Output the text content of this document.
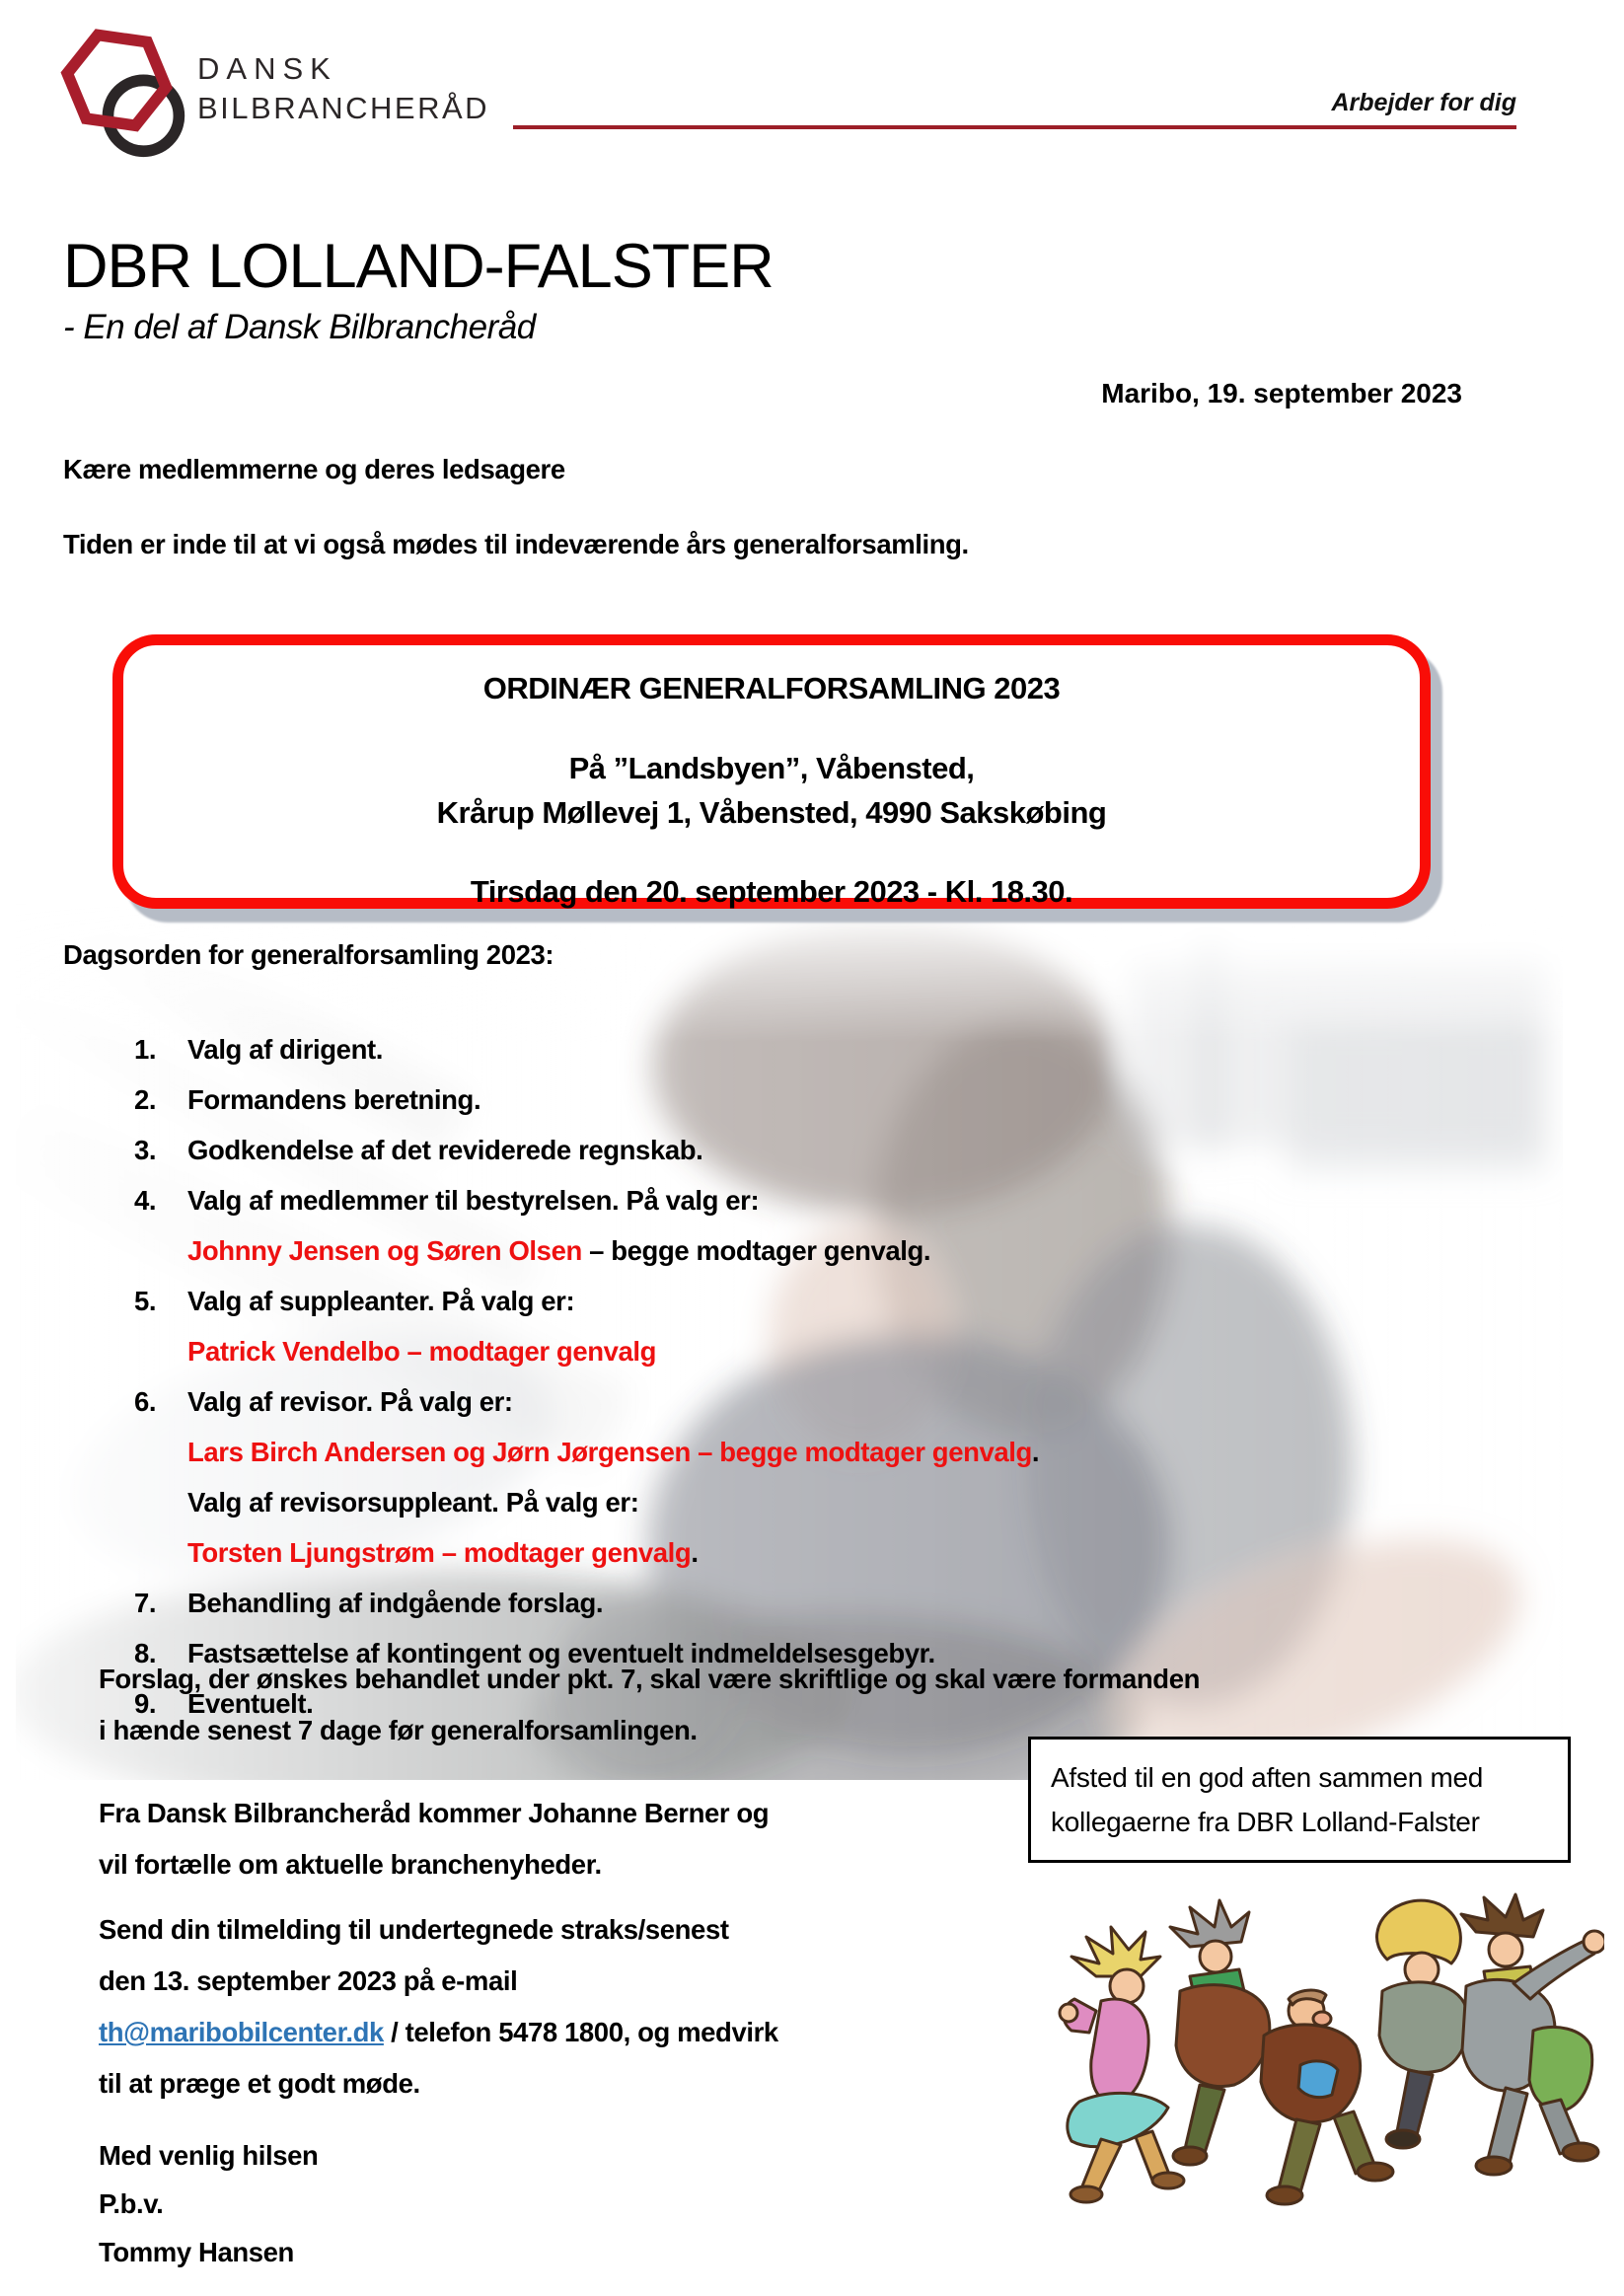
DANSK
BILBRANCHERÅD	Arbejder for dig
DBR LOLLAND-FALSTER
- En del af Dansk Bilbrancheråd
Maribo, 19. september 2023
Kære medlemmerne og deres ledsagere
Tiden er inde til at vi også mødes til indeværende års generalforsamling.
ORDINÆR GENERALFORSAMLING 2023
På ”Landsbyen”, Våbensted,
Krårup Møllevej 1, Våbensted, 4990 Sakskøbing
Tirsdag den 20. september 2023 - Kl. 18.30.
Dagsorden for generalforsamling 2023:
1.	Valg af dirigent.
2.	Formandens beretning.
3.	Godkendelse af det reviderede regnskab.
4.	Valg af medlemmer til bestyrelsen. På valg er:
Johnny Jensen og Søren Olsen – begge modtager genvalg.
5.	Valg af suppleanter. På valg er:
Patrick Vendelbo – modtager genvalg
6.	Valg af revisor. På valg er:
Lars Birch Andersen og Jørn Jørgensen – begge modtager genvalg.
Valg af revisorsuppleant. På valg er:
Torsten Ljungstrøm – modtager genvalg.
7.	Behandling af indgående forslag.
8.	Fastsættelse af kontingent og eventuelt indmeldelsesgebyr.
9.	Eventuelt.
Forslag, der ønskes behandlet under pkt. 7, skal være skriftlige og skal være formanden
i hænde senest 7 dage før generalforsamlingen.
Fra Dansk Bilbrancheråd kommer Johanne Berner og
vil fortælle om aktuelle branchenyheder.
Send din tilmelding til undertegnede straks/senest
den 13. september 2023 på e-mail
th@maribobilcenter.dk / telefon 5478 1800, og medvirk
til at præge et godt møde.
Med venlig hilsen
P.b.v.
Tommy Hansen
Afsted til en god aften sammen med
kollegaerne fra DBR Lolland-Falster
